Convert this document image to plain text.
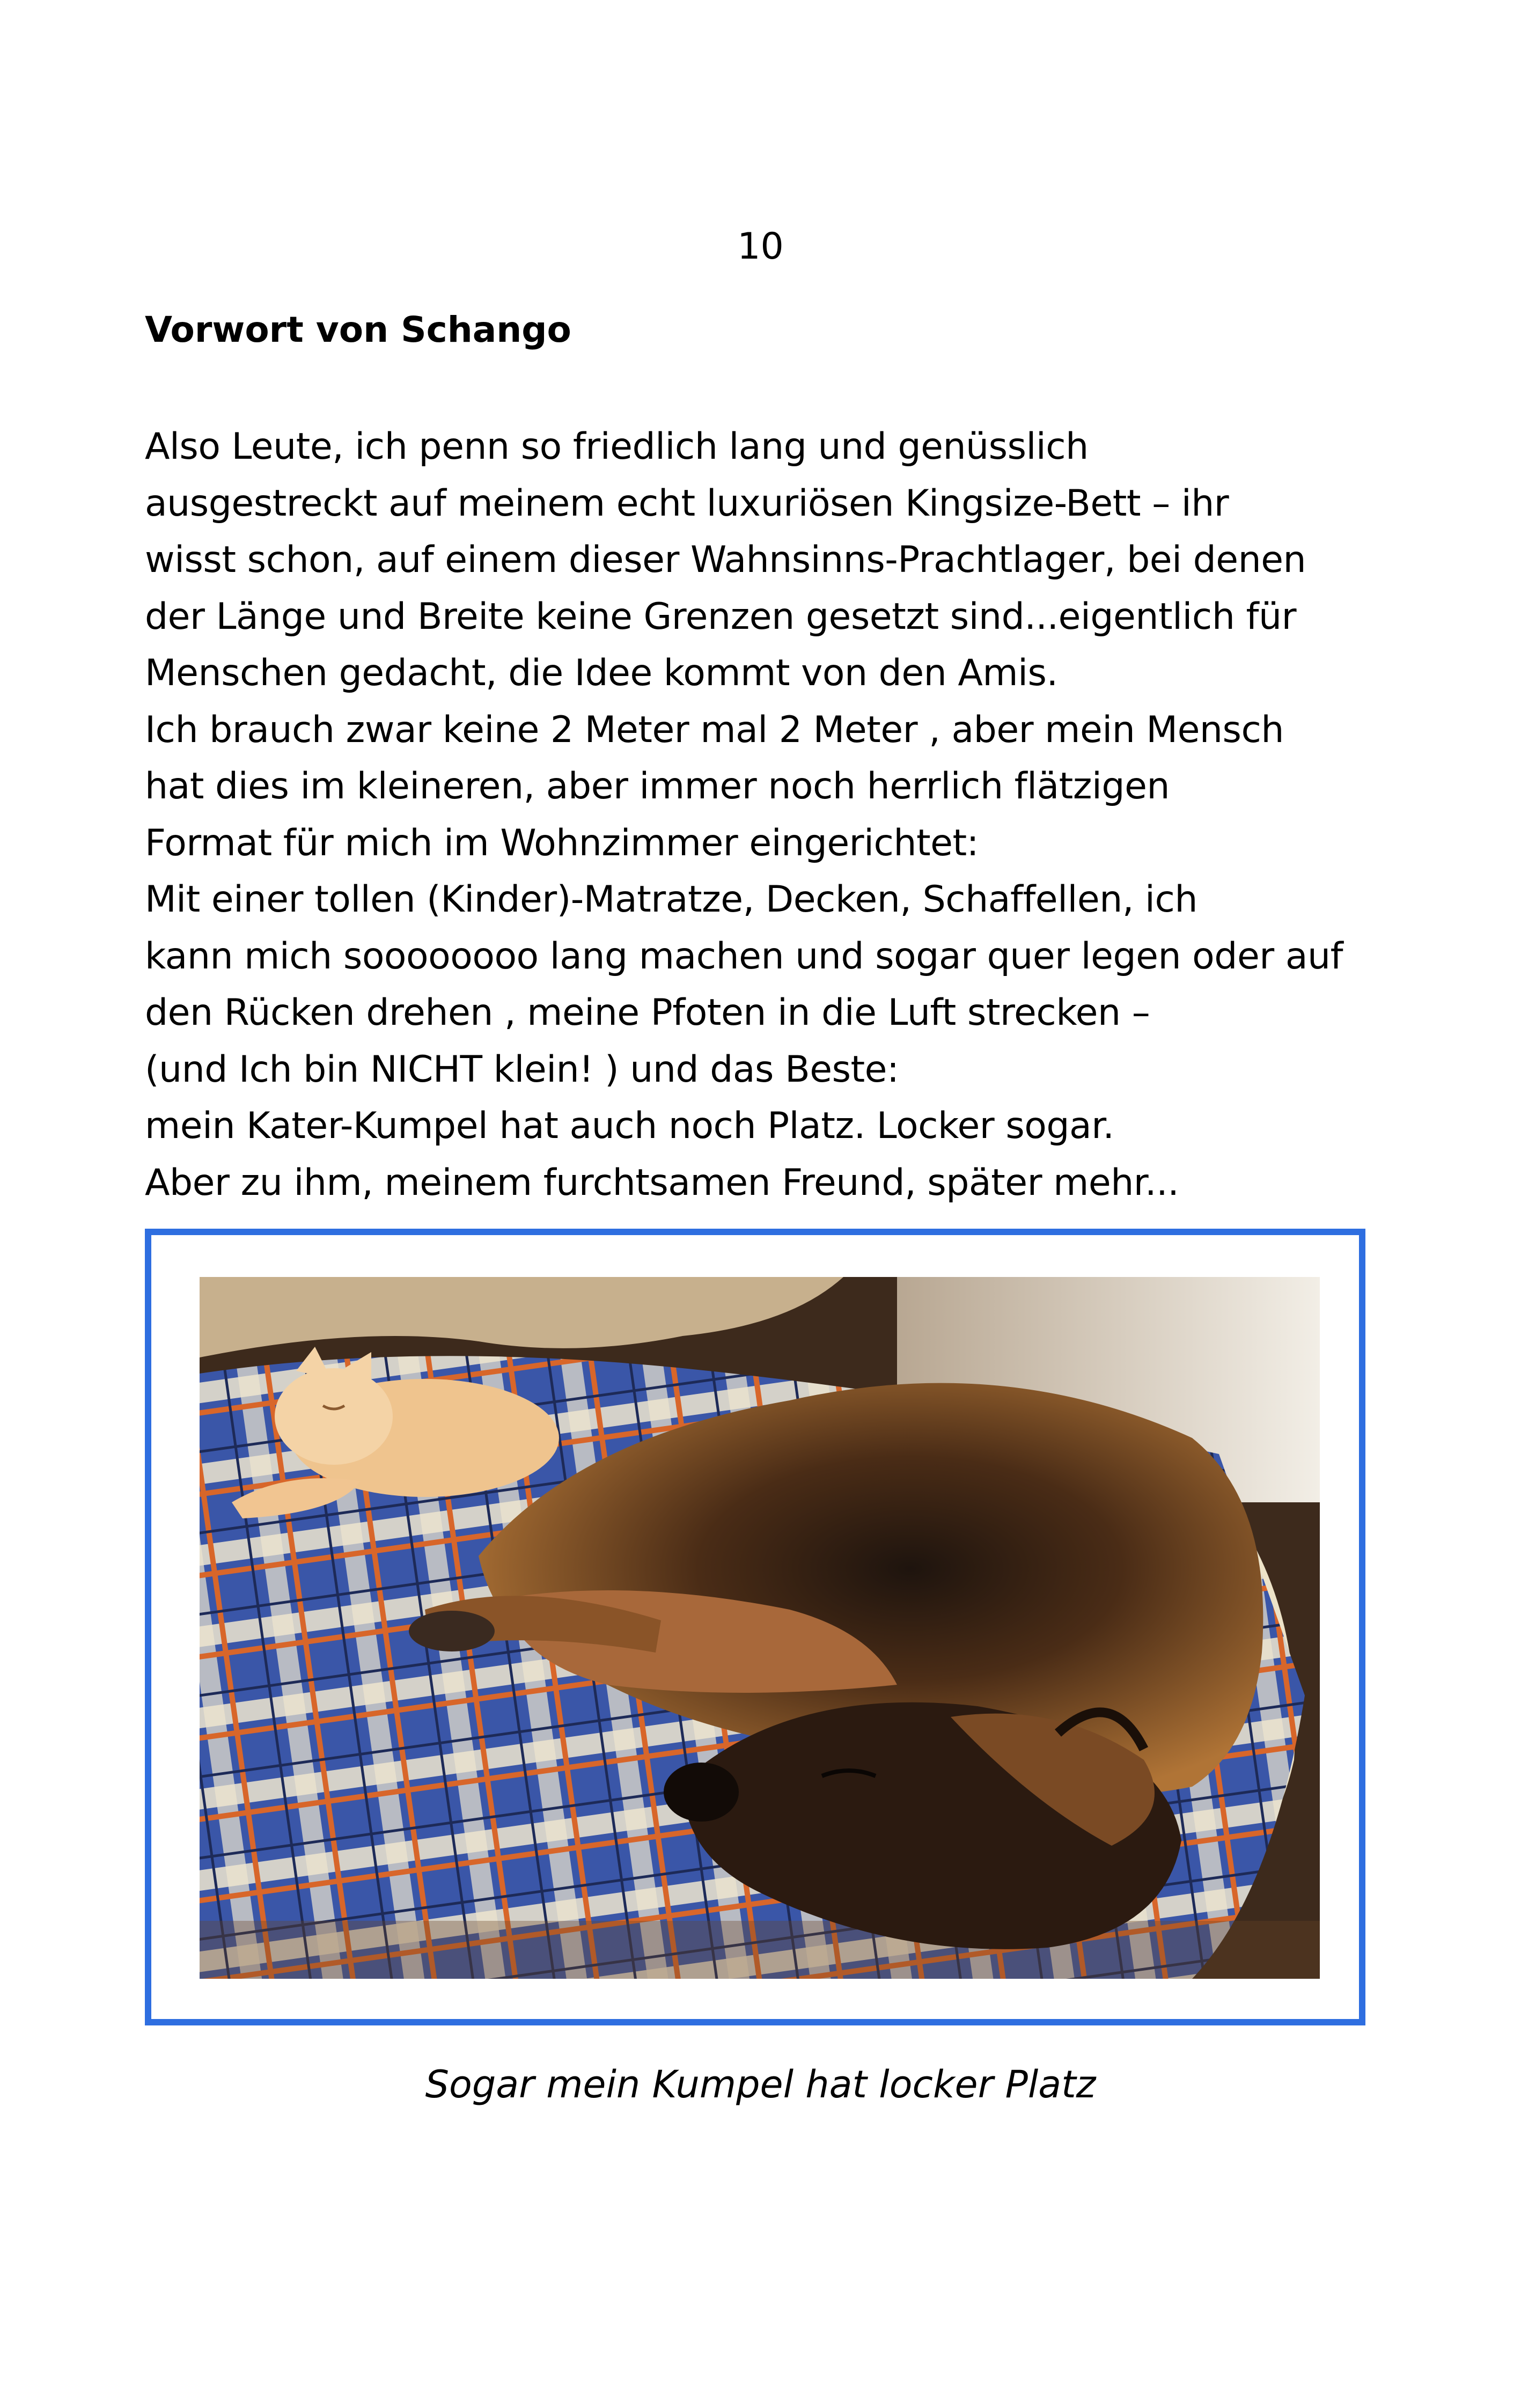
10
Vorwort von Schango
Also Leute, ich penn so friedlich lang und genüsslich
ausgestreckt auf meinem echt luxuriösen Kingsize-Bett – ihr
wisst schon, auf einem dieser Wahnsinns-Prachtlager, bei denen
der Länge und Breite keine Grenzen gesetzt sind...eigentlich für
Menschen gedacht, die Idee kommt von den Amis.
Ich brauch zwar keine 2 Meter mal 2 Meter , aber mein Mensch
hat dies im kleineren, aber immer noch herrlich flätzigen
Format für mich im Wohnzimmer eingerichtet:
Mit einer tollen (Kinder)-Matratze, Decken, Schaffellen, ich
kann mich soooooooo lang machen und sogar quer legen oder auf
den Rücken drehen , meine Pfoten in die Luft strecken –
(und Ich bin NICHT klein! ) und das Beste:
mein Kater-Kumpel hat auch noch Platz. Locker sogar.
Aber zu ihm, meinem furchtsamen Freund, später mehr...
Sogar mein Kumpel hat locker Platz
